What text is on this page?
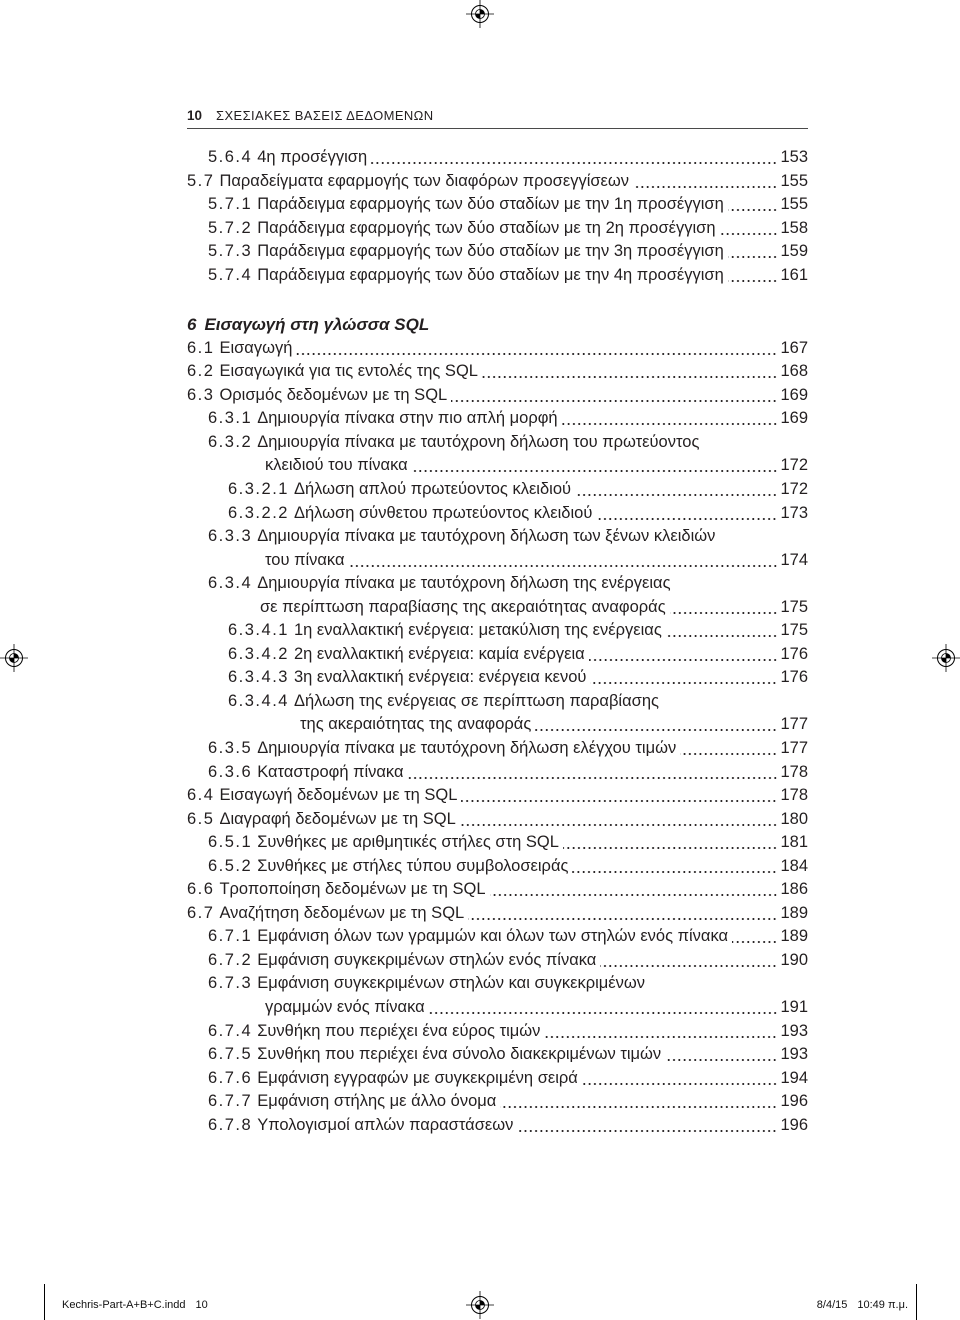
10 ΣΧΕΣΙΑΚΕΣ ΒΑΣΕΙΣ ΔΕΔΟΜΕΝΩΝ
5.6.4 4η προσέγγιση	153
5.7 Παραδείγματα εφαρμογής των διαφόρων προσεγγίσεων	155
5.7.1 Παράδειγμα εφαρμογής των δύο σταδίων με την 1η προσέγγιση	155
5.7.2 Παράδειγμα εφαρμογής των δύο σταδίων με τη 2η προσέγγιση	158
5.7.3 Παράδειγμα εφαρμογής των δύο σταδίων με την 3η προσέγγιση	159
5.7.4 Παράδειγμα εφαρμογής των δύο σταδίων με την 4η προσέγγιση	161
6 Εισαγωγή στη γλώσσα SQL
6.1 Εισαγωγή	167
6.2 Εισαγωγικά για τις εντολές της SQL	168
6.3 Ορισμός δεδομένων με τη SQL	169
6.3.1 Δημιουργία πίνακα στην πιο απλή μορφή	169
6.3.2 Δημιουργία πίνακα με ταυτόχρονη δήλωση του πρωτεύοντος
κλειδιού του πίνακα	172
6.3.2.1 Δήλωση απλού πρωτεύοντος κλειδιού	172
6.3.2.2 Δήλωση σύνθετου πρωτεύοντος κλειδιού	173
6.3.3 Δημιουργία πίνακα με ταυτόχρονη δήλωση των ξένων κλειδιών
του πίνακα	174
6.3.4 Δημιουργία πίνακα με ταυτόχρονη δήλωση της ενέργειας
σε περίπτωση παραβίασης της ακεραιότητας αναφοράς	175
6.3.4.1 1η εναλλακτική ενέργεια: μετακύλιση της ενέργειας	175
6.3.4.2 2η εναλλακτική ενέργεια: καμία ενέργεια	176
6.3.4.3 3η εναλλακτική ενέργεια: ενέργεια κενού	176
6.3.4.4 Δήλωση της ενέργειας σε περίπτωση παραβίασης
της ακεραιότητας της αναφοράς	177
6.3.5 Δημιουργία πίνακα με ταυτόχρονη δήλωση ελέγχου τιμών	177
6.3.6 Καταστροφή πίνακα	178
6.4 Εισαγωγή δεδομένων με τη SQL	178
6.5 Διαγραφή δεδομένων με τη SQL	180
6.5.1 Συνθήκες με αριθμητικές στήλες στη SQL	181
6.5.2 Συνθήκες με στήλες τύπου συμβολοσειράς	184
6.6 Τροποποίηση δεδομένων με τη SQL	186
6.7 Αναζήτηση δεδομένων με τη SQL	189
6.7.1 Εμφάνιση όλων των γραμμών και όλων των στηλών ενός πίνακα	189
6.7.2 Εμφάνιση συγκεκριμένων στηλών ενός πίνακα	190
6.7.3 Εμφάνιση συγκεκριμένων στηλών και συγκεκριμένων
γραμμών ενός πίνακα	191
6.7.4 Συνθήκη που περιέχει ένα εύρος τιμών	193
6.7.5 Συνθήκη που περιέχει ένα σύνολο διακεκριμένων τιμών	193
6.7.6 Εμφάνιση εγγραφών με συγκεκριμένη σειρά	194
6.7.7 Εμφάνιση στήλης με άλλο όνομα	196
6.7.8 Υπολογισμοί απλών παραστάσεων	196
Kechris-Part-A+B+C.indd 10	8/4/15 10:49 π.μ.
